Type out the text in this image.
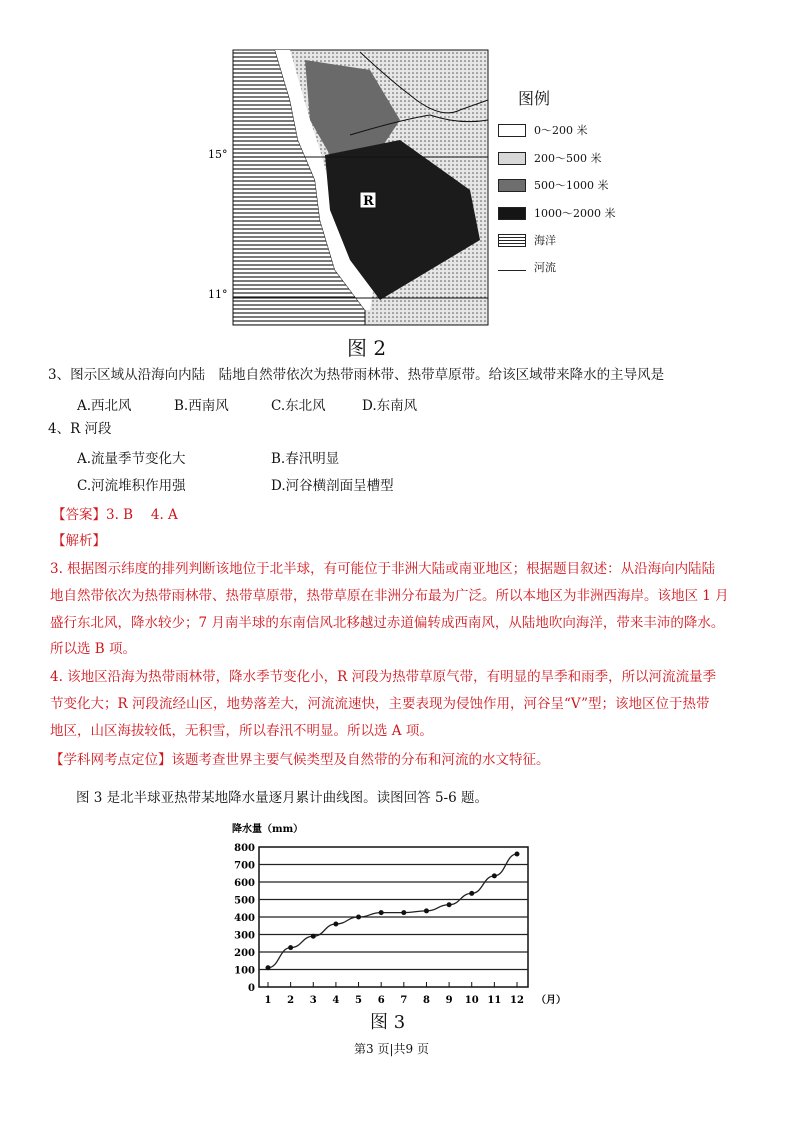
R
15°
11°
图例
0～200 米
200～500 米
500～1000 米
1000～2000 米
海洋
河流
图 2
3、图示区域从沿海向内陆　陆地自然带依次为热带雨林带、热带草原带。给该区域带来降水的主导风是
A.西北风	B.西南风	C.东北风	D.东南风
4、R 河段
A.流量季节变化大	B.春汛明显
C.河流堆积作用强	D.河谷横剖面呈槽型
【答案】3. B　 4. A
【解析】
3. 根据图示纬度的排列判断该地位于北半球，有可能位于非洲大陆或南亚地区；根据题目叙述：从沿海向内陆陆
地自然带依次为热带雨林带、热带草原带，热带草原在非洲分布最为广泛。所以本地区为非洲西海岸。该地区 1 月
盛行东北风，降水较少；7 月南半球的东南信风北移越过赤道偏转成西南风，从陆地吹向海洋，带来丰沛的降水。
所以选 B 项。
4. 该地区沿海为热带雨林带，降水季节变化小，R 河段为热带草原气带，有明显的旱季和雨季，所以河流流量季
节变化大；R 河段流经山区，地势落差大，河流流速快，主要表现为侵蚀作用，河谷呈“V”型；该地区位于热带
地区，山区海拔较低，无积雪，所以春汛不明显。所以选 A 项。
【学科网考点定位】该题考查世界主要气候类型及自然带的分布和河流的水文特征。
图 3 是北半球亚热带某地降水量逐月累计曲线图。读图回答 5-6 题。
0
100
200
300
400
500
600
700
800
1 2 3 4 5 6 7 8 9 10 11 12 （月）
降水量（mm）
图 3
第3 页|共9 页
